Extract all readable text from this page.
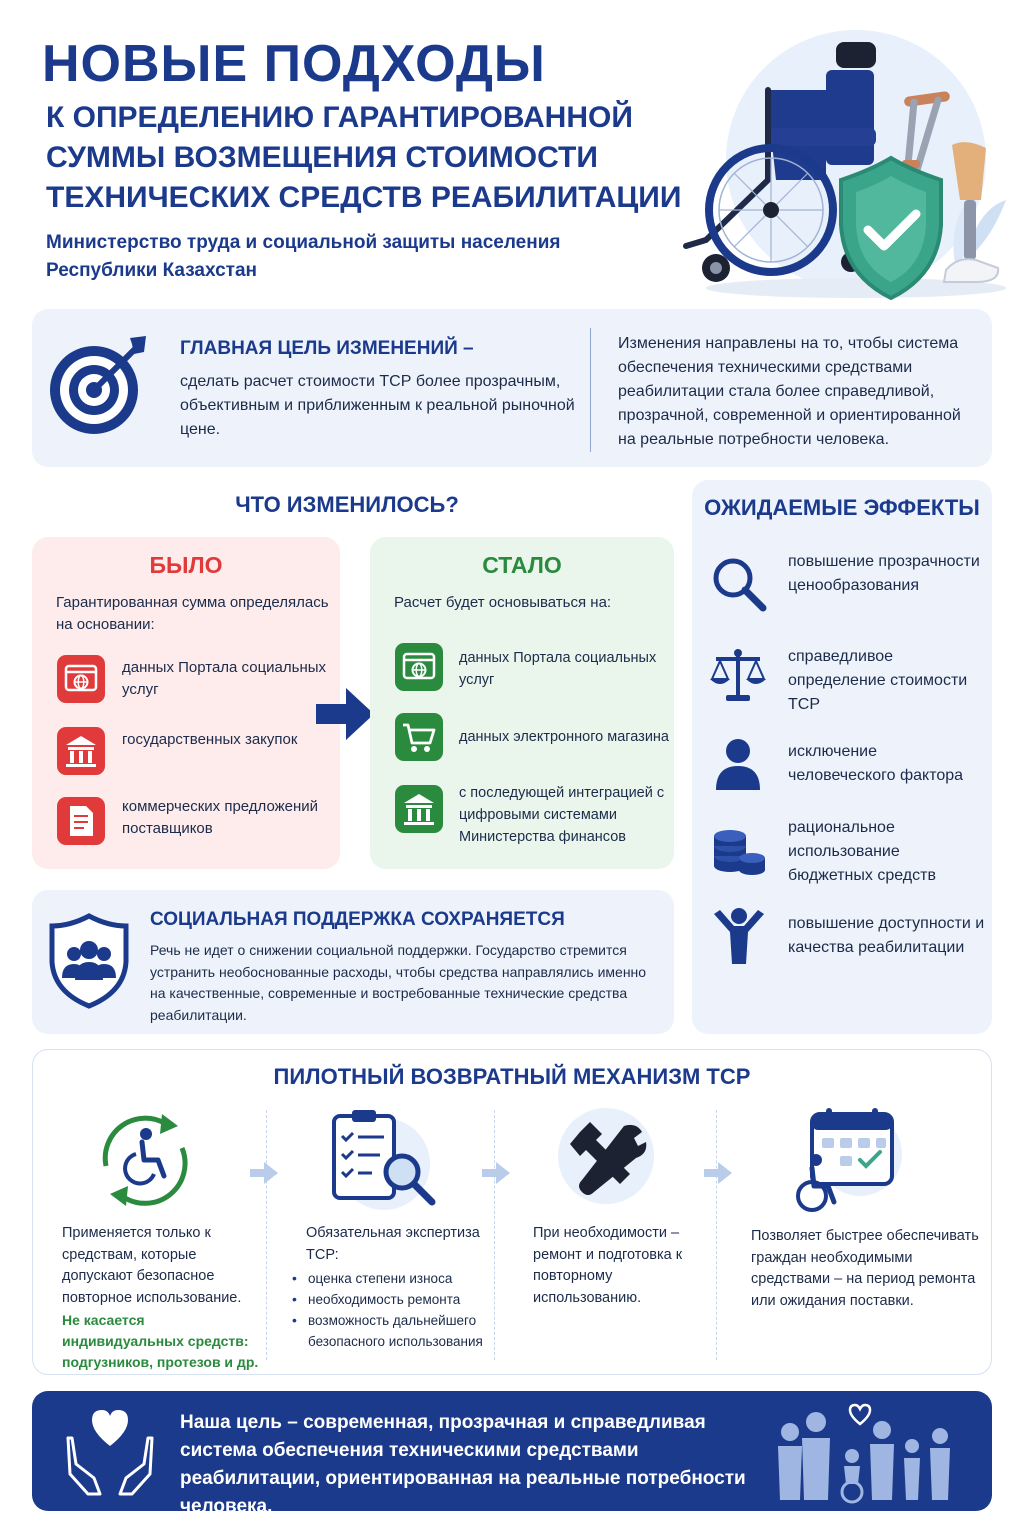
НОВЫЕ ПОДХОДЫ
К ОПРЕДЕЛЕНИЮ ГАРАНТИРОВАННОЙ СУММЫ ВОЗМЕЩЕНИЯ СТОИМОСТИ ТЕХНИЧЕСКИХ СРЕДСТВ РЕАБИЛИТАЦИИ
Министерство труда и социальной защиты населения Республики Казахстан
ГЛАВНАЯ ЦЕЛЬ ИЗМЕНЕНИЙ –
сделать расчет стоимости ТСР более прозрачным, объективным и приближенным к реальной рыночной цене.
Изменения направлены на то, чтобы система обеспечения техническими средствами реабилитации стала более справедливой, прозрачной, современной и ориентированной на реальные потребности человека.
ЧТО ИЗМЕНИЛОСЬ?
БЫЛО
Гарантированная сумма определялась на основании:
данных Портала социальных услуг
государственных закупок
коммерческих предложений поставщиков
СТАЛО
Расчет будет основываться на:
данных Портала социальных услуг
данных электронного магазина
с последующей интеграцией с цифровыми системами Министерства финансов
ОЖИДАЕМЫЕ ЭФФЕКТЫ
повышение прозрачности ценообразования
справедливое определение стоимости ТСР
исключение человеческого фактора
рациональное использование бюджетных средств
повышение доступности и качества реабилитации
СОЦИАЛЬНАЯ ПОДДЕРЖКА СОХРАНЯЕТСЯ
Речь не идет о снижении социальной поддержки. Государство стремится устранить необоснованные расходы, чтобы средства направлялись именно на качественные, современные и востребованные технические средства реабилитации.
ПИЛОТНЫЙ ВОЗВРАТНЫЙ МЕХАНИЗМ ТСР
Применяется только к средствам, которые допускают безопасное повторное использование.
Не касается индивидуальных средств: подгузников, протезов и др.
Обязательная экспертиза ТСР:
• оценка степени износа
• необходимость ремонта
• возможность дальнейшего безопасного использования
При необходимости – ремонт и подготовка к повторному использованию.
Позволяет быстрее обеспечивать граждан необходимыми средствами – на период ремонта или ожидания поставки.
Наша цель – современная, прозрачная и справедливая система обеспечения техническими средствами реабилитации, ориентированная на реальные потребности человека.
